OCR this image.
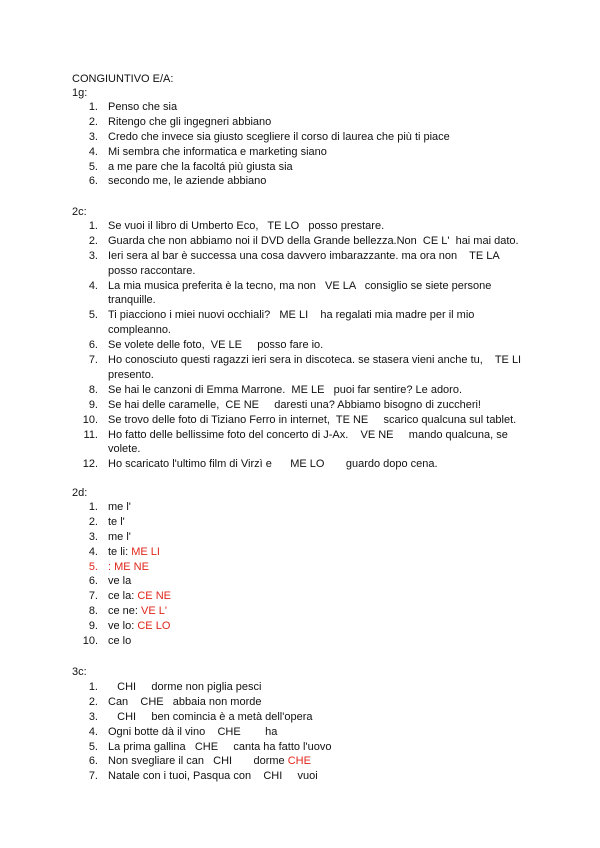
CONGIUNTIVO E/A:
1g:
1. Penso che sia
2. Ritengo che gli ingegneri abbiano
3. Credo che invece sia giusto scegliere il corso di laurea che più ti piace
4. Mi sembra che informatica e marketing siano
5. a me pare che la facoltá più giusta sia
6. secondo me, le aziende abbiano
2c:
1. Se vuoi il libro di Umberto Eco,   TE LO   posso prestare.
2. Guarda che non abbiamo noi il DVD della Grande bellezza.Non  CE L'  hai mai dato.
3. Ieri sera al bar è successa una cosa davvero imbarazzante. ma ora non    TE LA posso raccontare.
4. La mia musica preferita è la tecno, ma non   VE LA   consiglio se siete persone tranquille.
5. Ti piacciono i miei nuovi occhiali?   ME LI    ha regalati mia madre per il mio compleanno.
6. Se volete delle foto,  VE LE     posso fare io.
7. Ho conosciuto questi ragazzi ieri sera in discoteca. se stasera vieni anche tu,    TE LI presento.
8. Se hai le canzoni di Emma Marrone.  ME LE   puoi far sentire? Le adoro.
9. Se hai delle caramelle,  CE NE     daresti una? Abbiamo bisogno di zuccheri!
10. Se trovo delle foto di Tiziano Ferro in internet,  TE NE     scarico qualcuna sul tablet.
11. Ho fatto delle bellissime foto del concerto di J-Ax.    VE NE     mando qualcuna, se volete.
12. Ho scaricato l'ultimo film di Virzì e      ME LO       guardo dopo cena.
2d:
1. me l'
2. te l'
3. me l'
4. te li: ME LI
5. : ME NE
6. ve la
7. ce la: CE NE
8. ce ne: VE L'
9. ve lo: CE LO
10. ce lo
3c:
1. CHI     dorme non piglia pesci
2. Can    CHE   abbaia non morde
3. CHI     ben comincia è a metà dell'opera
4. Ogni botte dà il vino    CHE        ha
5. La prima gallina   CHE     canta ha fatto l'uovo
6. Non svegliare il can   CHI       dorme CHE
7. Natale con i tuoi, Pasqua con    CHI     vuoi
